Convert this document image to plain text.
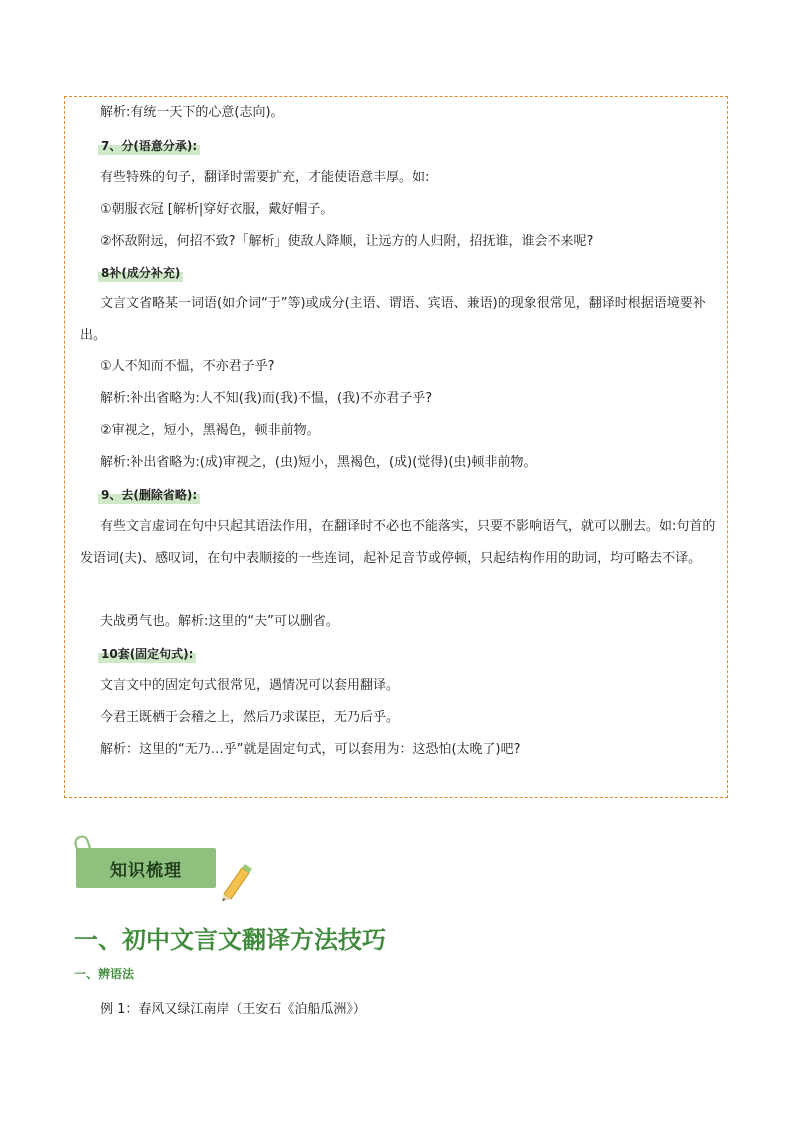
解析:有统一天下的心意(志向)。
7、分(语意分承):
有些特殊的句子，翻译时需要扩充，才能使语意丰厚。如:
①朝服衣冠 [解析|穿好衣服，戴好帽子。
②怀敌附远，何招不致?「解析」使敌人降顺，让远方的人归附，招抚谁，谁会不来呢?
8补(成分补充)
文言文省略某一词语(如介词“于”等)或成分(主语、谓语、宾语、兼语)的现象很常见，翻译时根据语境要补出。
①人不知而不愠，不亦君子乎?
解析:补出省略为:人不知(我)而(我)不愠，(我)不亦君子乎?
②审视之，短小，黑褐色，顿非前物。
解析:补出省略为:(成)审视之，(虫)短小，黑褐色，(成)(觉得)(虫)顿非前物。
9、去(删除省略):
有些文言虚词在句中只起其语法作用，在翻译时不必也不能落实，只要不影响语气，就可以删去。如:句首的发语词(夫)、感叹词，在句中表顺接的一些连词，起补足音节或停顿，只起结构作用的助词，均可略去不译。
夫战勇气也。解析:这里的“夫”可以删省。
10套(固定句式):
文言文中的固定句式很常见，遇情况可以套用翻译。
今君王既栖于会稽之上，然后乃求谋臣，无乃后乎。
解析：这里的“无乃…乎”就是固定句式，可以套用为：这恐怕(太晚了)吧?
知识梳理
一、初中文言文翻译方法技巧
一、辨语法
例 1：春风又绿江南岸（王安石《泊船瓜洲》）
